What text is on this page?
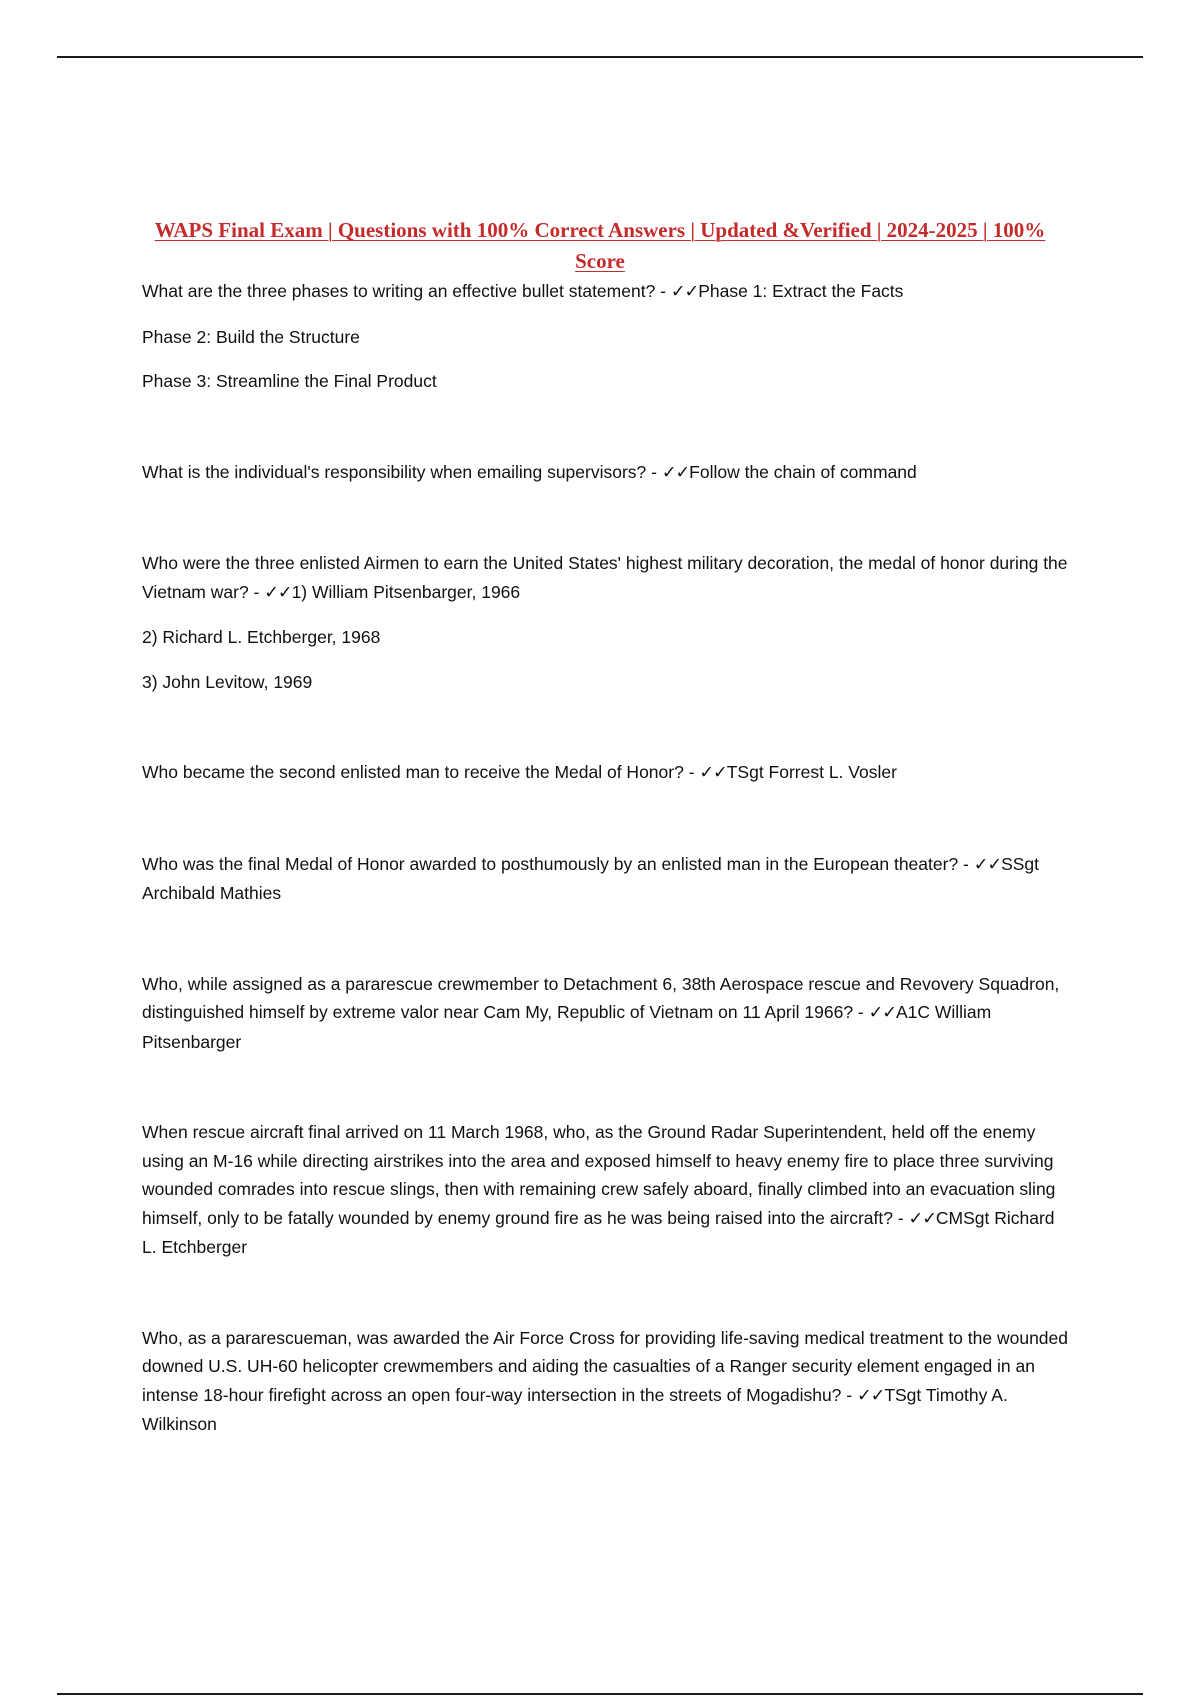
WAPS Final Exam | Questions with 100% Correct Answers | Updated &Verified | 2024-2025 | 100% Score

What are the three phases to writing an effective bullet statement? - ✓✓Phase 1: Extract the Facts

Phase 2: Build the Structure

Phase 3: Streamline the Final Product

What is the individual's responsibility when emailing supervisors? - ✓✓Follow the chain of command

Who were the three enlisted Airmen to earn the United States' highest military decoration, the medal of honor during the Vietnam war? - ✓✓1) William Pitsenbarger, 1966

2) Richard L. Etchberger, 1968

3) John Levitow, 1969

Who became the second enlisted man to receive the Medal of Honor? - ✓✓TSgt Forrest L. Vosler

Who was the final Medal of Honor awarded to posthumously by an enlisted man in the European theater? - ✓✓SSgt Archibald Mathies

Who, while assigned as a pararescue crewmember to Detachment 6, 38th Aerospace rescue and Revovery Squadron, distinguished himself by extreme valor near Cam My, Republic of Vietnam on 11 April 1966? - ✓✓A1C William Pitsenbarger

When rescue aircraft final arrived on 11 March 1968, who, as the Ground Radar Superintendent, held off the enemy using an M-16 while directing airstrikes into the area and exposed himself to heavy enemy fire to place three surviving wounded comrades into rescue slings, then with remaining crew safely aboard, finally climbed into an evacuation sling himself, only to be fatally wounded by enemy ground fire as he was being raised into the aircraft? - ✓✓CMSgt Richard L. Etchberger

Who, as a pararescueman, was awarded the Air Force Cross for providing life-saving medical treatment to the wounded downed U.S. UH-60 helicopter crewmembers and aiding the casualties of a Ranger security element engaged in an intense 18-hour firefight across an open four-way intersection in the streets of Mogadishu? - ✓✓TSgt Timothy A. Wilkinson
